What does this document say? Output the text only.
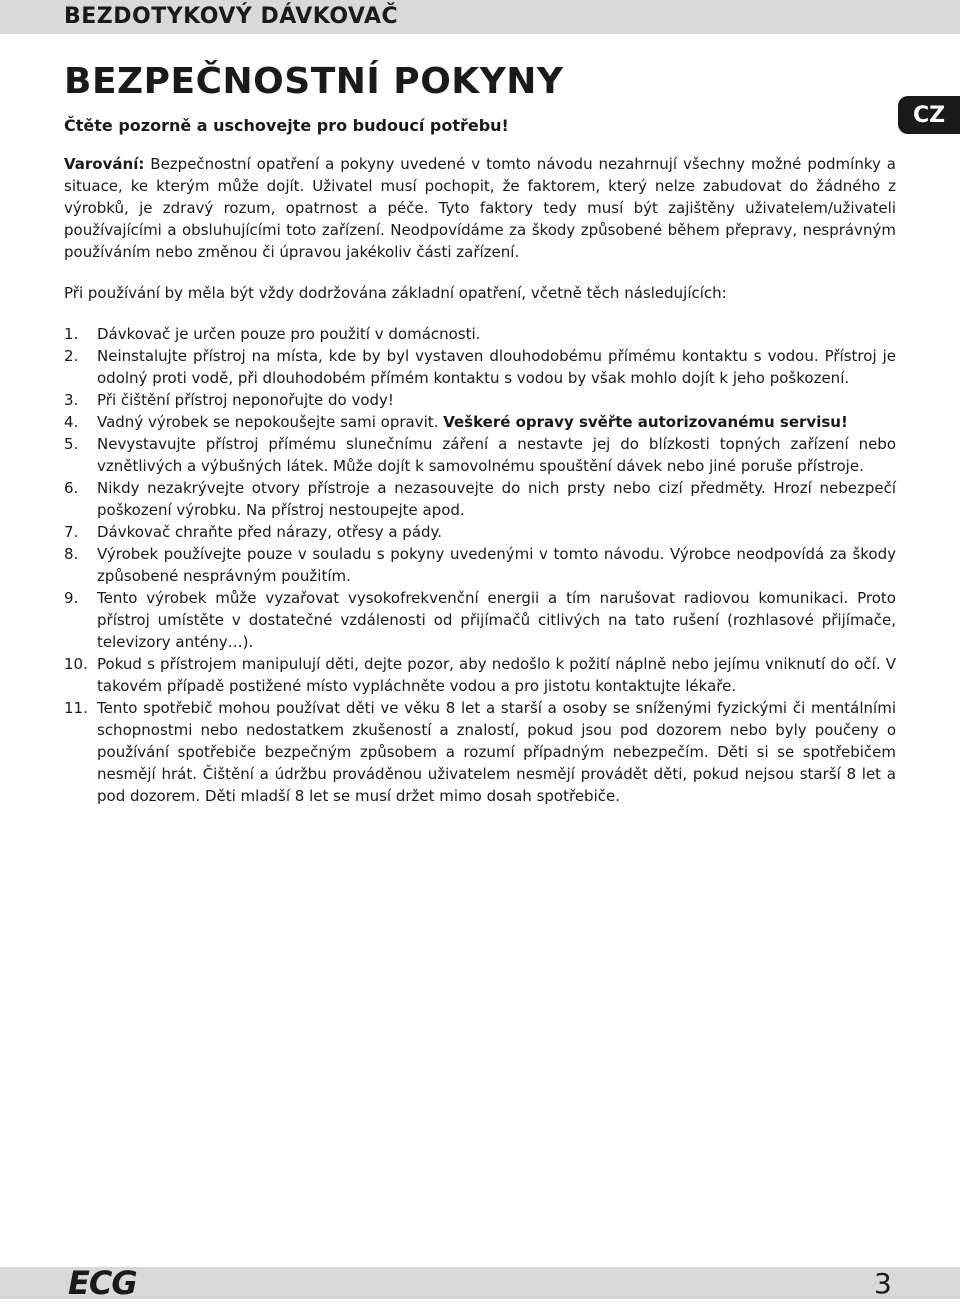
BEZDOTYKOVÝ DÁVKOVAČ
CZ
BEZPEČNOSTNÍ POKYNY
Čtěte pozorně a uschovejte pro budoucí potřebu!

Varování: Bezpečnostní opatření a pokyny uvedené v tomto návodu nezahrnují všechny možné podmínky a situace, ke kterým může dojít. Uživatel musí pochopit, že faktorem, který nelze zabudovat do žádného z výrobků, je zdravý rozum, opatrnost a péče. Tyto faktory tedy musí být zajištěny uživatelem/uživateli používajícími a obsluhujícími toto zařízení. Neodpovídáme za škody způsobené během přepravy, nesprávným používáním nebo změnou či úpravou jakékoliv části zařízení.

Při používání by měla být vždy dodržována základní opatření, včetně těch následujících:

1. Dávkovač je určen pouze pro použití v domácnosti.
2. Neinstalujte přístroj na místa, kde by byl vystaven dlouhodobému přímému kontaktu s vodou. Přístroj je odolný proti vodě, při dlouhodobém přímém kontaktu s vodou by však mohlo dojít k jeho poškození.
3. Při čištění přístroj neponořujte do vody!
4. Vadný výrobek se nepokoušejte sami opravit. Veškeré opravy svěřte autorizovanému servisu!
5. Nevystavujte přístroj přímému slunečnímu záření a nestavte jej do blízkosti topných zařízení nebo vznětlivých a výbušných látek. Může dojít k samovolnému spouštění dávek nebo jiné poruše přístroje.
6. Nikdy nezakrývejte otvory přístroje a nezasouvejte do nich prsty nebo cizí předměty. Hrozí nebezpečí poškození výrobku. Na přístroj nestoupejte apod.
7. Dávkovač chraňte před nárazy, otřesy a pády.
8. Výrobek používejte pouze v souladu s pokyny uvedenými v tomto návodu. Výrobce neodpovídá za škody způsobené nesprávným použitím.
9. Tento výrobek může vyzařovat vysokofrekvenční energii a tím narušovat radiovou komunikaci. Proto přístroj umístěte v dostatečné vzdálenosti od přijímačů citlivých na tato rušení (rozhlasové přijímače, televizory antény…).
10. Pokud s přístrojem manipulují děti, dejte pozor, aby nedošlo k požití náplně nebo jejímu vniknutí do očí. V takovém případě postižené místo vypláchněte vodou a pro jistotu kontaktujte lékaře.
11. Tento spotřebič mohou používat děti ve věku 8 let a starší a osoby se sníženými fyzickými či mentálními schopnostmi nebo nedostatkem zkušeností a znalostí, pokud jsou pod dozorem nebo byly poučeny o používání spotřebiče bezpečným způsobem a rozumí případným nebezpečím. Děti si se spotřebičem nesmějí hrát. Čištění a údržbu prováděnou uživatelem nesmějí provádět děti, pokud nejsou starší 8 let a pod dozorem. Děti mladší 8 let se musí držet mimo dosah spotřebiče.
ECG	3
